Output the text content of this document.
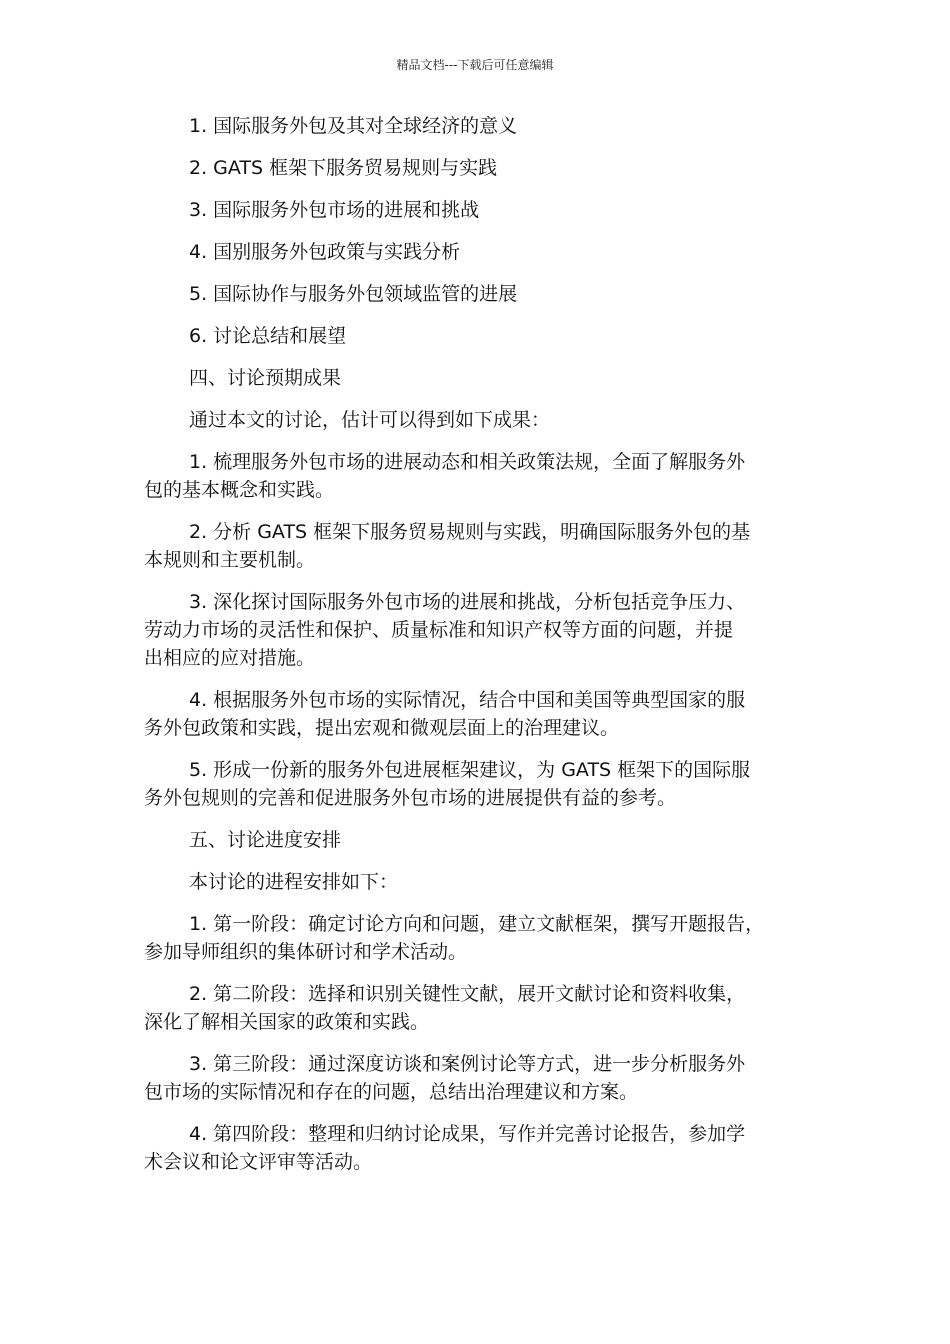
精品文档---下载后可任意编辑
1. 国际服务外包及其对全球经济的意义
2. GATS 框架下服务贸易规则与实践
3. 国际服务外包市场的进展和挑战
4. 国别服务外包政策与实践分析
5. 国际协作与服务外包领域监管的进展
6. 讨论总结和展望
四、讨论预期成果
通过本文的讨论，估计可以得到如下成果：
1. 梳理服务外包市场的进展动态和相关政策法规，全面了解服务外
包的基本概念和实践。
2. 分析 GATS 框架下服务贸易规则与实践，明确国际服务外包的基
本规则和主要机制。
3. 深化探讨国际服务外包市场的进展和挑战，分析包括竞争压力、
劳动力市场的灵活性和保护、质量标准和知识产权等方面的问题，并提
出相应的应对措施。
4. 根据服务外包市场的实际情况，结合中国和美国等典型国家的服
务外包政策和实践，提出宏观和微观层面上的治理建议。
5. 形成一份新的服务外包进展框架建议，为 GATS 框架下的国际服
务外包规则的完善和促进服务外包市场的进展提供有益的参考。
五、讨论进度安排
本讨论的进程安排如下：
1. 第一阶段：确定讨论方向和问题，建立文献框架，撰写开题报告，
参加导师组织的集体研讨和学术活动。
2. 第二阶段：选择和识别关键性文献，展开文献讨论和资料收集，
深化了解相关国家的政策和实践。
3. 第三阶段：通过深度访谈和案例讨论等方式，进一步分析服务外
包市场的实际情况和存在的问题，总结出治理建议和方案。
4. 第四阶段：整理和归纳讨论成果，写作并完善讨论报告，参加学
术会议和论文评审等活动。
